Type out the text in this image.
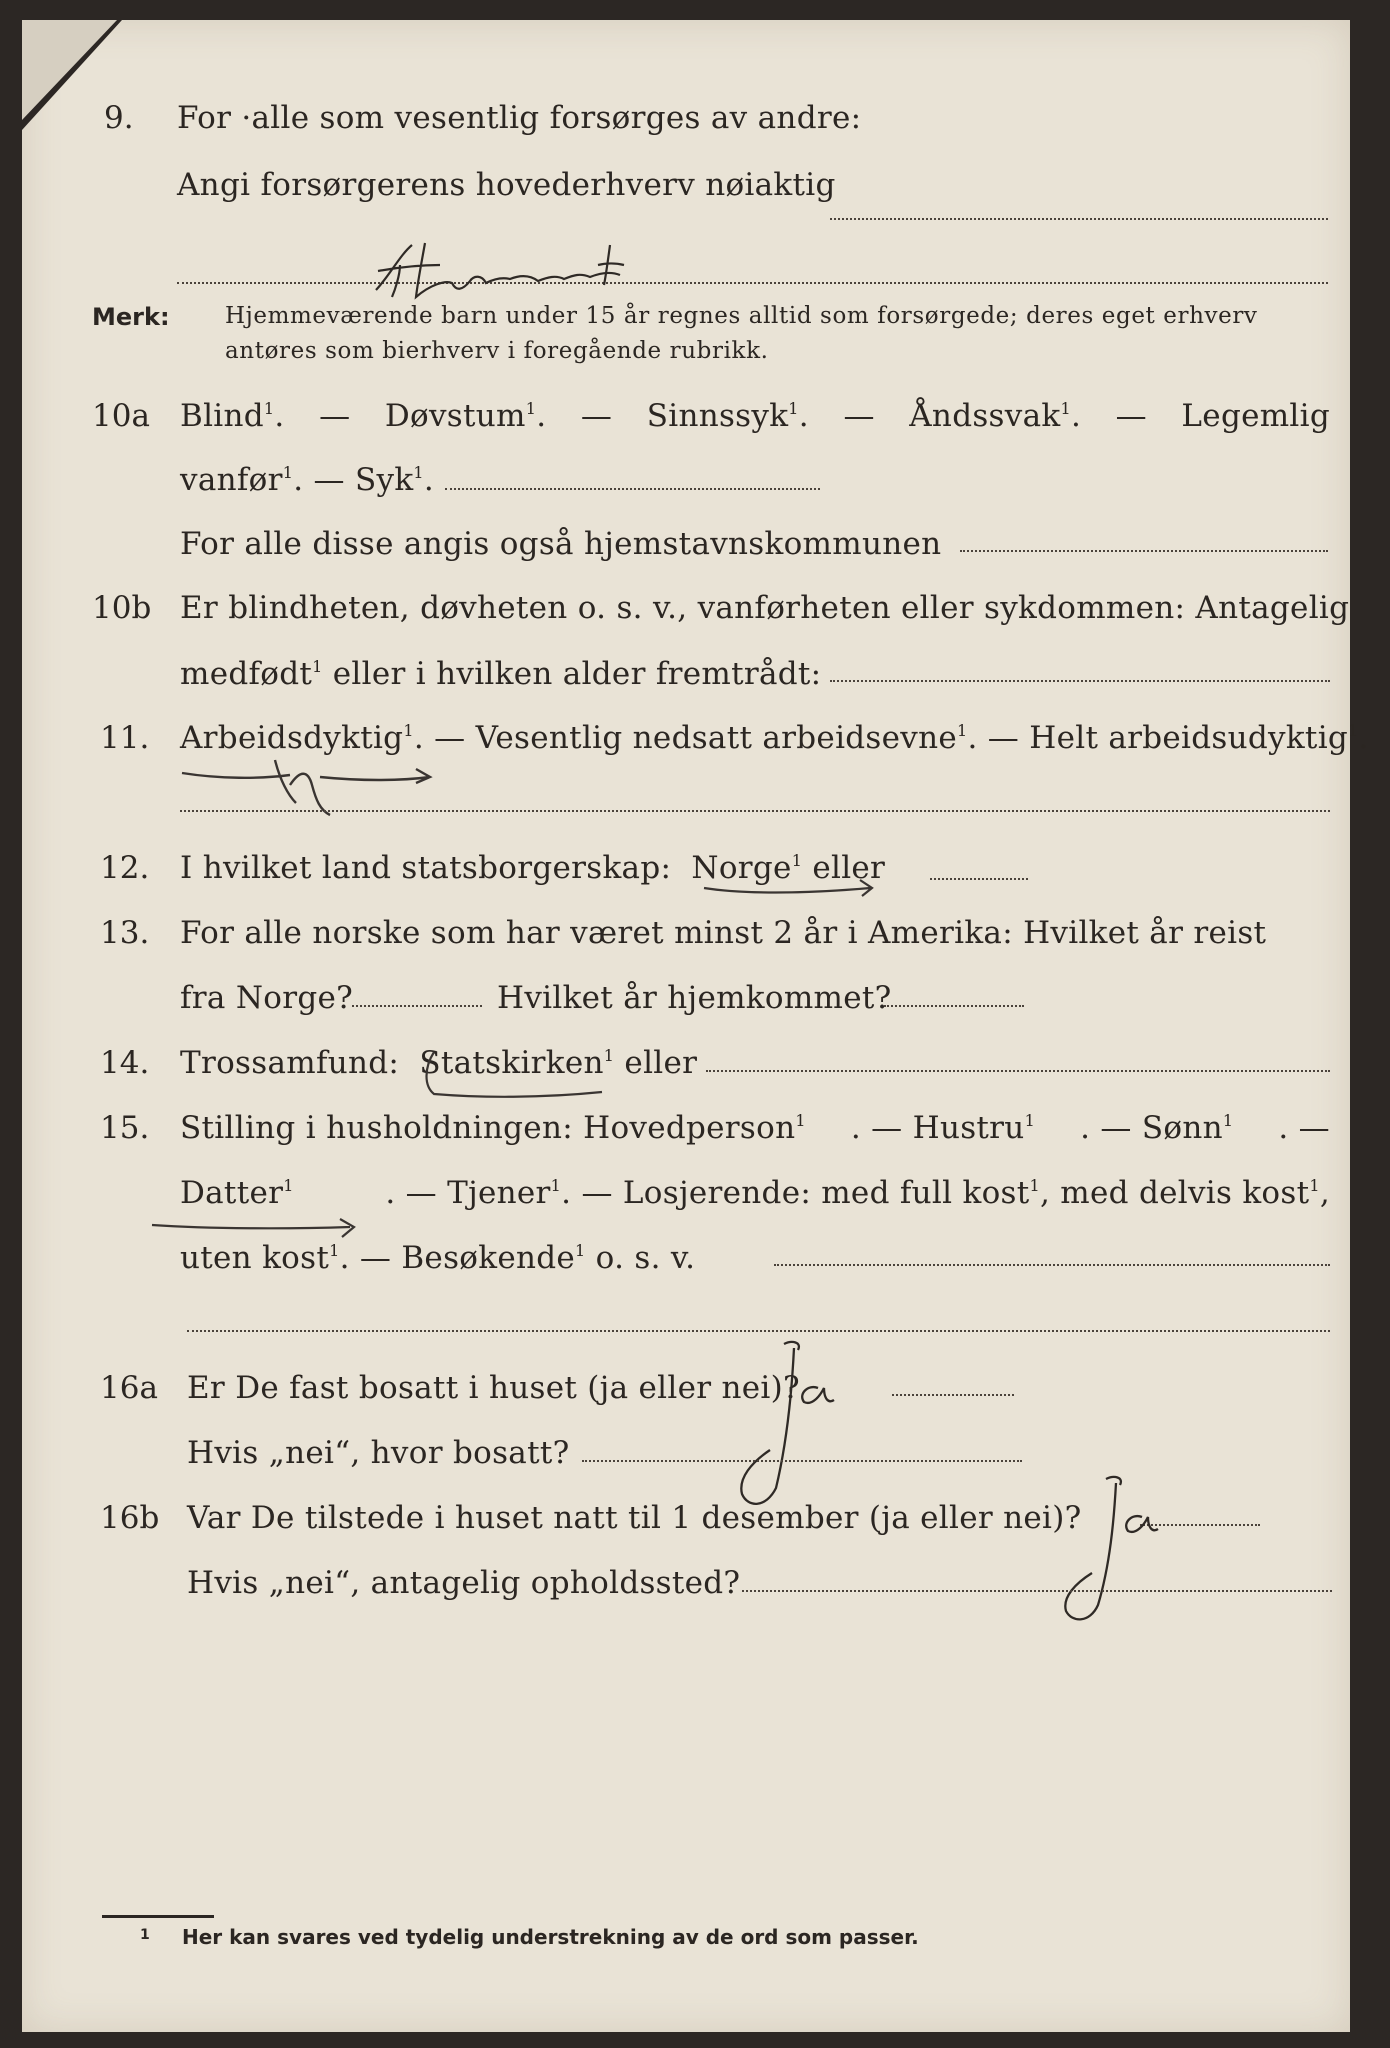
9. For ·alle som vesentlig forsørges av andre:
Angi forsørgerens hovederhverv nøiaktig
Merk: Hjemmeværende barn under 15 år regnes alltid som forsørgede; deres eget erhverv
antøres som bierhverv i foregående rubrikk.
10a Blind$^1$. — Døvstum$^1$. — Sinnssyk$^1$. — Åndssvak$^1$. — Legemlig
vanfør$^1$. — Syk$^1$.
For alle disse angis også hjemstavnskommunen
10b Er blindheten, døvheten o. s. v., vanførheten eller sykdommen: Antagelig
medfødt$^1$ eller i hvilken alder fremtrådt:
11. Arbeidsdyktig$^1$. — Vesentlig nedsatt arbeidsevne$^1$. — Helt arbeidsudyktig$^1$.
12. I hvilket land statsborgerskap: Norge$^1$ eller
13. For alle norske som har været minst 2 år i Amerika: Hvilket år reist
fra Norge?	Hvilket år hjemkommet?
14. Trossamfund: Statskirken$^1$ eller
15. Stilling i husholdningen: Hovedperson$^1$ . — Hustru$^1$ . — Sønn$^1$ . —
Datter$^1$	. — Tjener$^1$. — Losjerende: med full kost$^1$, med delvis kost$^1$,
uten kost$^1$. — Besøkende$^1$ o. s. v.
16a Er De fast bosatt i huset (ja eller nei)?
Hvis „nei“, hvor bosatt?
16b Var De tilstede i huset natt til 1 desember (ja eller nei)?
Hvis „nei“, antagelig opholdssted?
1 Her kan svares ved tydelig understrekning av de ord som passer.
